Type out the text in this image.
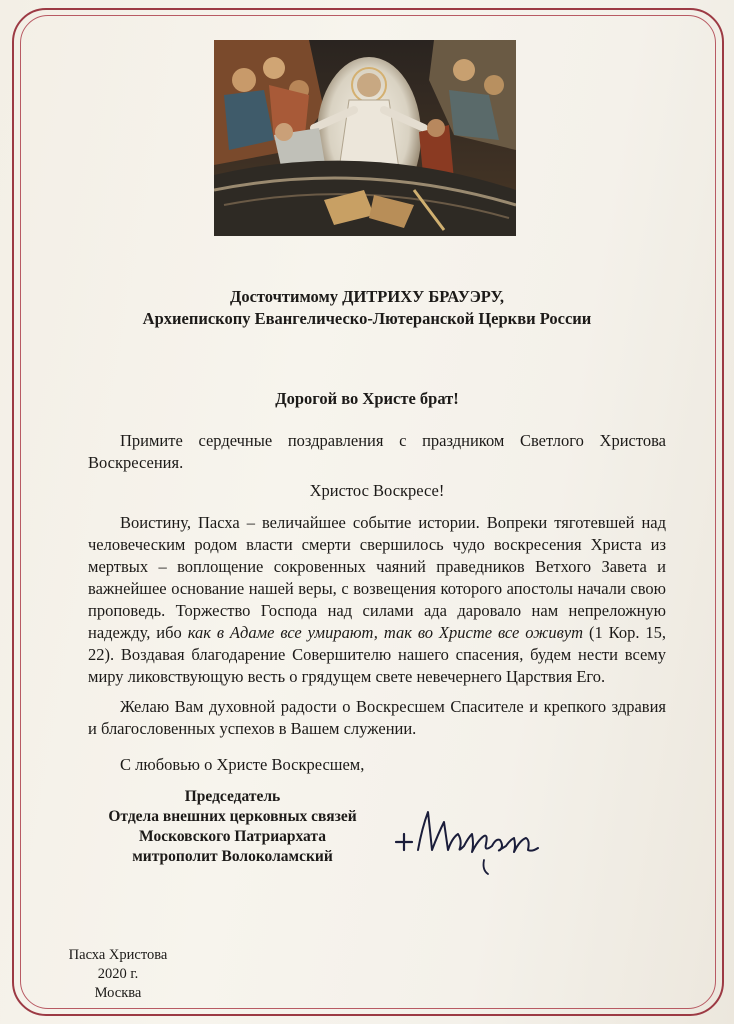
Досточтимому ДИТРИХУ БРАУЭРУ,
Архиепископу Евангелическо-Лютеранской Церкви России
Дорогой во Христе брат!

Примите сердечные поздравления с праздником Светлого Христова Воскресения.

Христос Воскресе!

Воистину, Пасха – величайшее событие истории. Вопреки тяготевшей над человеческим родом власти смерти свершилось чудо воскресения Христа из мертвых – воплощение сокровенных чаяний праведников Ветхого Завета и важнейшее основание нашей веры, с возвещения которого апостолы начали свою проповедь. Торжество Господа над силами ада даровало нам непреложную надежду, ибо как в Адаме все умирают, так во Христе все оживут (1 Кор. 15, 22). Воздавая благодарение Совершителю нашего спасения, будем нести всему миру ликовствующую весть о грядущем свете невечернего Царствия Его.

Желаю Вам духовной радости о Воскресшем Спасителе и крепкого здравия и благословенных успехов в Вашем служении.

С любовью о Христе Воскресшем,

Председатель
Отдела внешних церковных связей
Московского Патриархата
митрополит Волоколамский
Пасха Христова
2020 г.
Москва
